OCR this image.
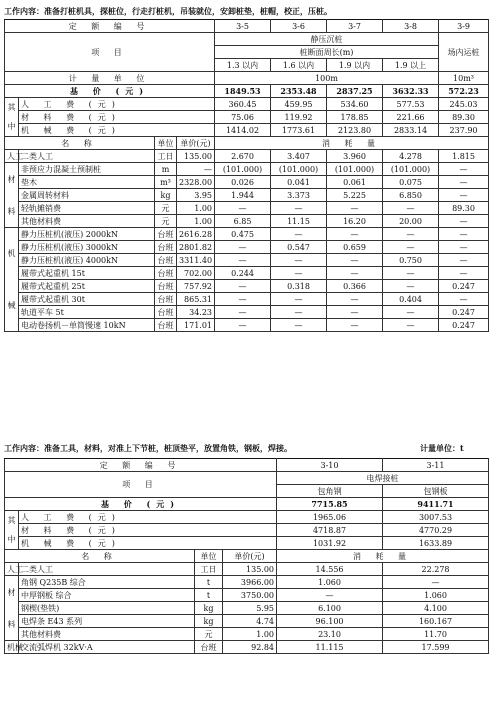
工作内容：准备打桩机具，探桩位，行走打桩机，吊装就位，安卸桩垫，桩帽，校正，压桩。
定 额 编 号				3-5	3-6	3-7	3-8	3-9
项 目				静压沉桩				场内运桩
				桩断面周长(m)				
				1.3 以内	1.6 以内	1.9 以内	1.9 以上	
计 量 单 位				100m				10m³
基 价 (元)				1849.53	2353.48	2837.25	3632.33	572.23

其
中	人 工 费 (元)			360.45	459.95	534.60	577.53	245.03
	材 料 费 (元)			75.06	119.92	178.85	221.66	89.30
	机 械 费 (元)			1414.02	1773.61	2123.80	2833.14	237.90
名 称		单位	单价(元)	消 耗 量				
人工	二类人工	工日	135.00	2.670	3.407	3.960	4.278	1.815

材
料	非预应力混凝土预制桩	m	—	(101.000)	(101.000)	(101.000)	(101.000)	—
	垫木	m³	2328.00	0.026	0.041	0.061	0.075	—
	金属周转材料	kg	3.95	1.944	3.373	5.225	6.850	—
	轻轨摊销费	元	1.00	—	—	—	—	89.30
	其他材料费	元	1.00	6.85	11.15	16.20	20.00	—

机
械	静力压桩机(液压) 2000kN	台班	2616.28	0.475	—	—	—	—
	静力压桩机(液压) 3000kN	台班	2801.82	—	0.547	0.659	—	—
	静力压桩机(液压) 4000kN	台班	3311.40	—	—	—	0.750	—
	履带式起重机 15t	台班	702.00	0.244	—	—	—	—
	履带式起重机 25t	台班	757.92	—	0.318	0.366	—	0.247
	履带式起重机 30t	台班	865.31	—	—	—	0.404	—
	轨道平车 5t	台班	34.23	—	—	—	—	0.247
	电动卷扬机－单筒慢速 10kN	台班	171.01	—	—	—	—	0.247
工作内容：准备工具，材料，对准上下节桩，桩顶垫平，放置角铁，钢板，焊接。	计量单位：t
定 额 编 号				3-10	3-11
项 目				电焊接桩	
				包角钢	包钢板
基 价 (元)				7715.85	9411.71

其
中	人 工 费 (元)			1965.06	3007.53
	材 料 费 (元)			4718.87	4770.29
	机 械 费 (元)			1031.92	1633.89
名 称		单位	单价(元)	消 耗 量	
人工	二类人工	工日	135.00	14.556	22.278

材
料	角钢 Q235B 综合	t	3966.00	1.060	—
	中厚钢板 综合	t	3750.00	—	1.060
	钢楔(垫铁)	kg	5.95	6.100	4.100
	电焊条 E43 系列	kg	4.74	96.100	160.167
	其他材料费	元	1.00	23.10	11.70
机械	交流弧焊机 32kV·A	台班	92.84	11.115	17.599
